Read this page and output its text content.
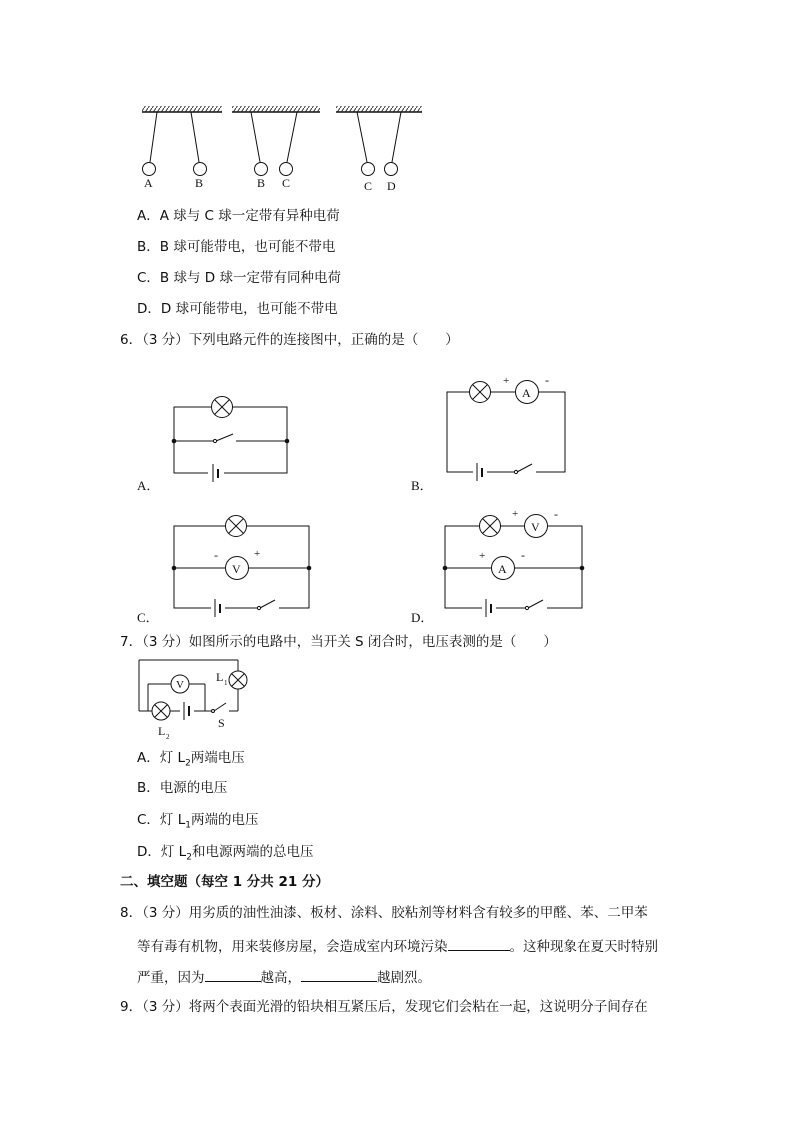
A	B	B C	C D
A．A 球与 C 球一定带有异种电荷
B．B 球可能带电，也可能不带电
C．B 球与 D 球一定带有同种电荷
D．D 球可能带电，也可能不带电
6．（3 分）下列电路元件的连接图中，正确的是（　　）
A．
A
+	-
B．
V
-	+
C．
V
+	-
A
+	-
D．
7．（3 分）如图所示的电路中，当开关 S 闭合时，电压表测的是（　　）
V
L 1
L 2
S
A．灯 $L_2$两端电压
B．电源的电压
C．灯 $L_1$两端的电压
D．灯 $L_2$和电源两端的总电压
二、填空题（每空 1 分共 21 分）
8．（3 分）用劣质的油性油漆、板材、涂料、胶粘剂等材料含有较多的甲醛、苯、二甲苯
等有毒有机物，用来装修房屋，会造成室内环境污染	。这种现象在夏天时特别
严重，因为	越高，	越剧烈。
9．（3 分）将两个表面光滑的铅块相互紧压后，发现它们会粘在一起，这说明分子间存在
